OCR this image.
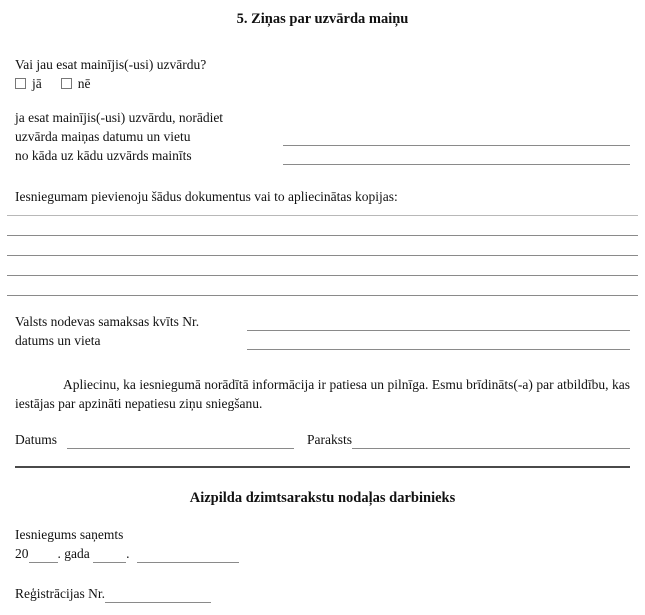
5. Ziņas par uzvārda maiņu
Vai jau esat mainījis(-usi) uzvārdu?
jā	nē
ja esat mainījis(-usi) uzvārdu, norādiet
uzvārda maiņas datumu un vietu
no kāda uz kādu uzvārds mainīts
Iesniegumam pievienoju šādus dokumentus vai to apliecinātas kopijas:
Valsts nodevas samaksas kvīts Nr.
datums un vieta

Apliecinu, ka iesniegumā norādītā informācija ir patiesa un pilnīga. Esmu brīdināts(-a) par atbildību, kas iestājas par apzināti nepatiesu ziņu sniegšanu.

Datums	Paraksts
Aizpilda dzimtsarakstu nodaļas darbinieks
Iesniegums saņemts
20 . gada .
Reģistrācijas Nr.
